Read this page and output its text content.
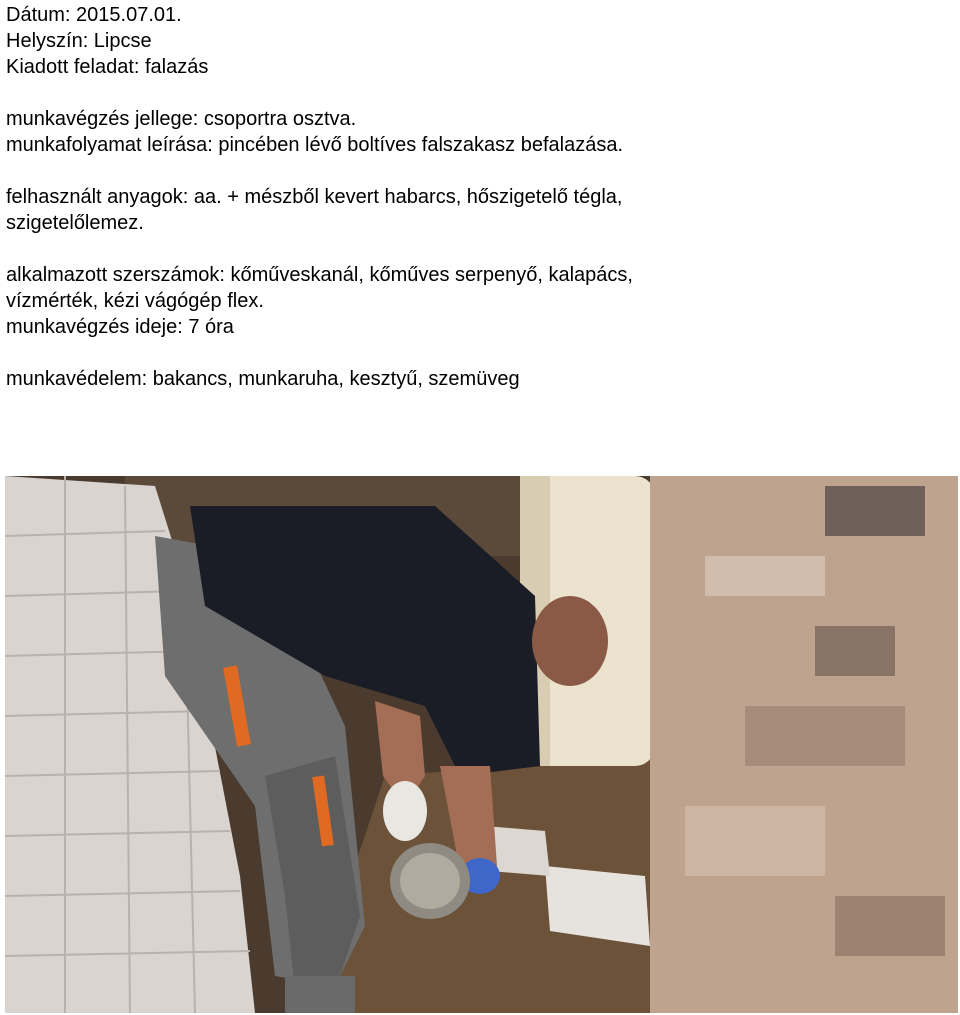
Dátum: 2015.07.01.
Helyszín: Lipcse
Kiadott feladat: falazás
munkavégzés jellege: csoportra osztva.
munkafolyamat leírása: pincében lévő boltíves falszakasz befalazása.
felhasznált anyagok: aa. + mészből kevert habarcs, hőszigetelő tégla,
szigetelőlemez.
alkalmazott szerszámok: kőművesk​anál, kőműves serpenyő, kalapács,
vízmérték, kézi vágógép flex.
munkavégzés ideje: 7 óra
munkavédelem: bakancs, munkaruha, kesztyű, szemüveg
